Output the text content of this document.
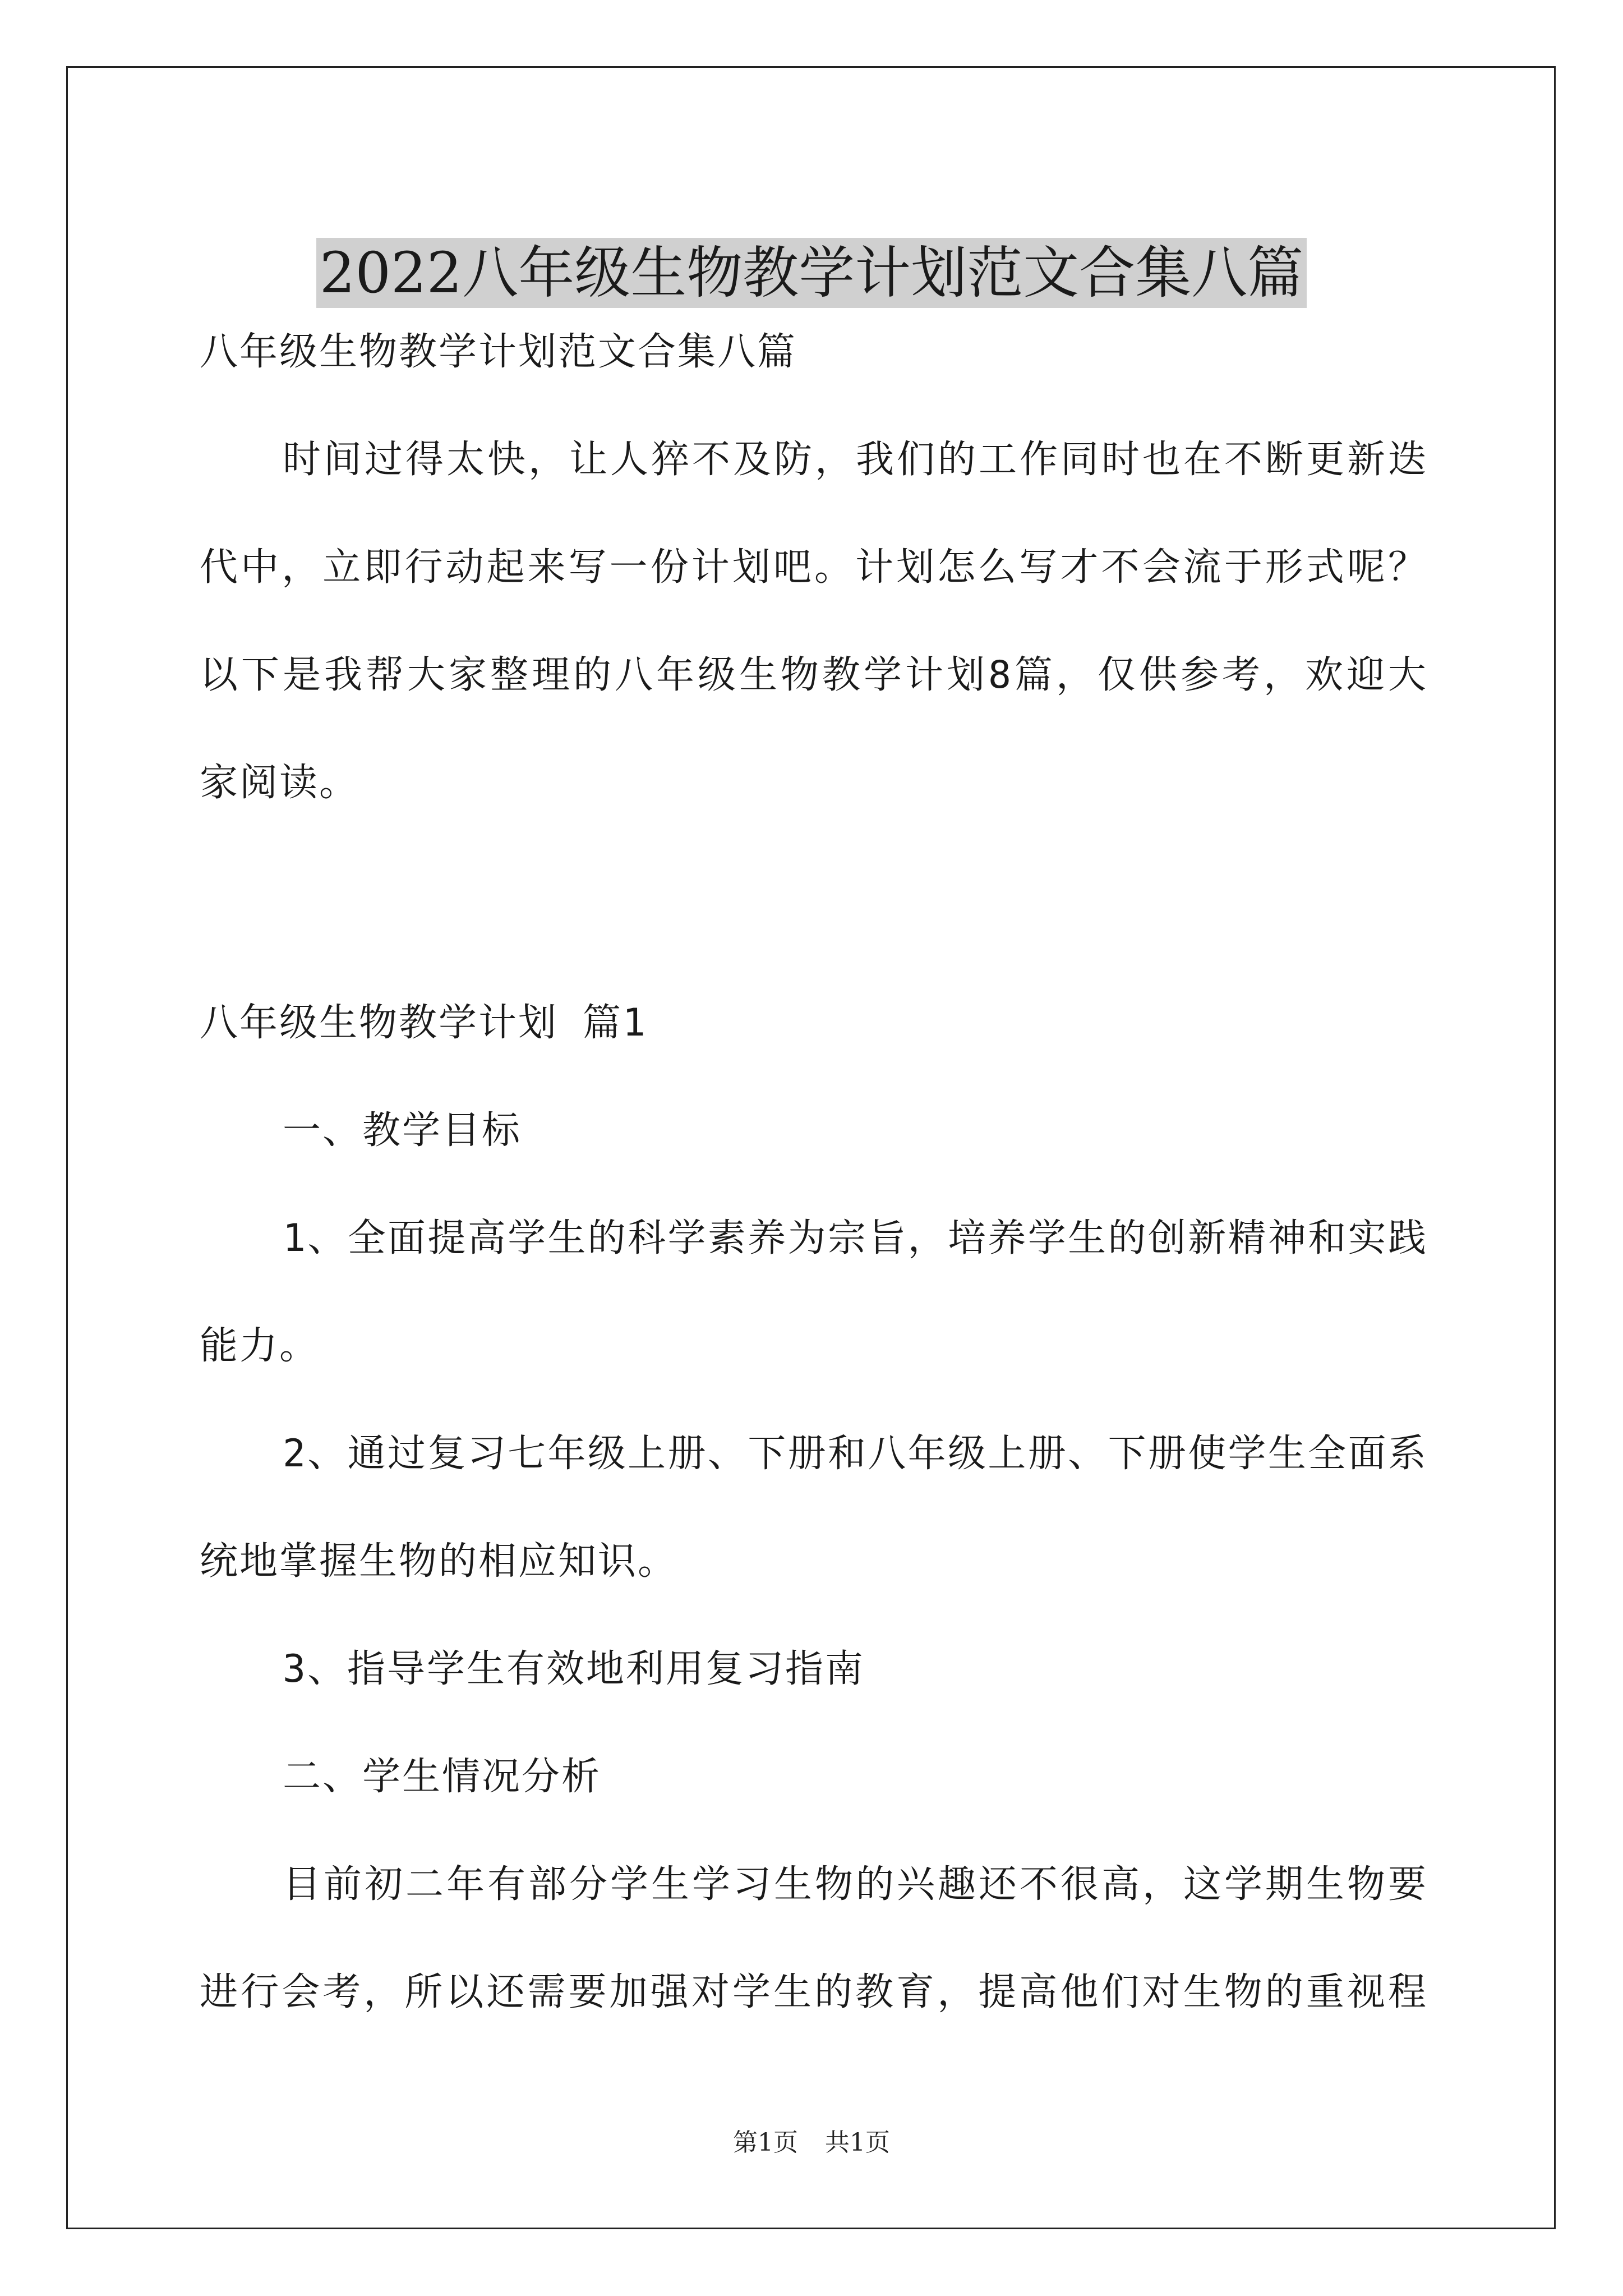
2022八年级生物教学计划范文合集八篇
八年级生物教学计划范文合集八篇
时间过得太快，让人猝不及防，我们的工作同时也在不断更新迭
代中，立即行动起来写一份计划吧。计划怎么写才不会流于形式呢？
以下是我帮大家整理的八年级生物教学计划8篇，仅供参考，欢迎大
家阅读。
八年级生物教学计划 篇1
一、教学目标
1、全面提高学生的科学素养为宗旨，培养学生的创新精神和实践
能力。
2、通过复习七年级上册、下册和八年级上册、下册使学生全面系
统地掌握生物的相应知识。
3、指导学生有效地利用复习指南
二、学生情况分析
目前初二年有部分学生学习生物的兴趣还不很高，这学期生物要
进行会考，所以还需要加强对学生的教育，提高他们对生物的重视程
第1页 共1页
